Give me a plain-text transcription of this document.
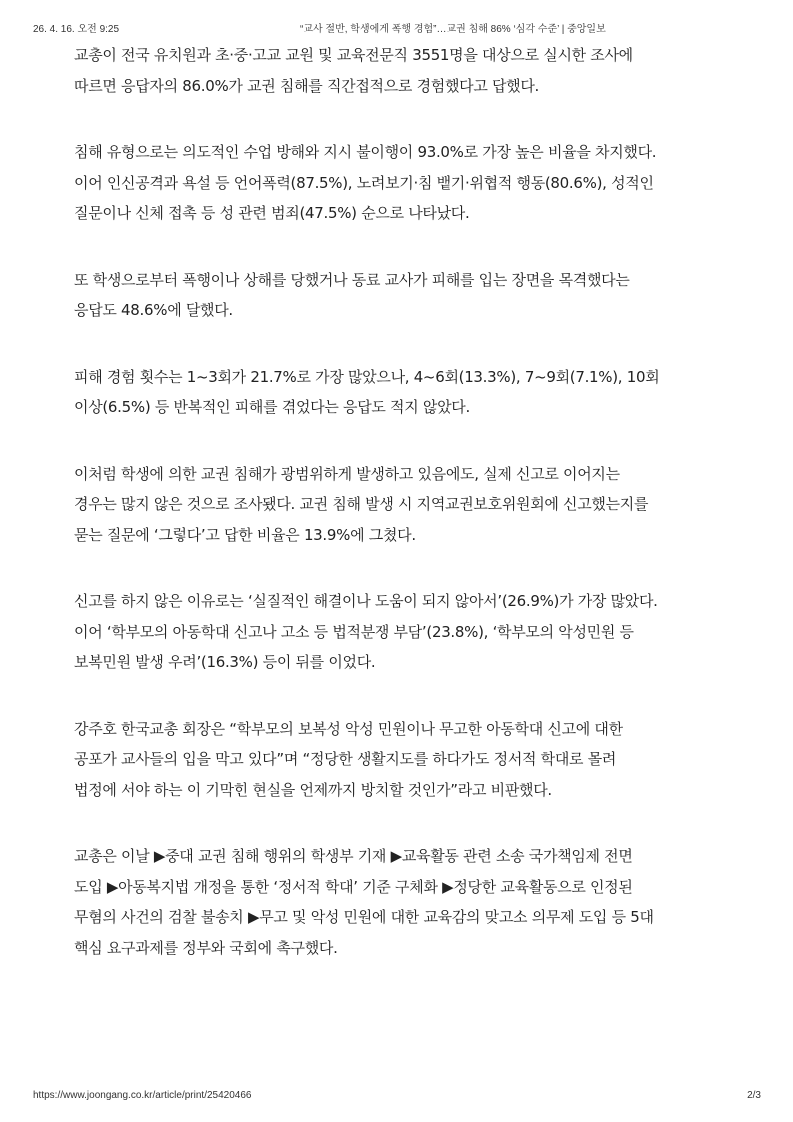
26. 4. 16. 오전 9:25	“교사 절반, 학생에게 폭행 경험”…교권 침해 86% ‘심각 수준’ | 중앙일보

교총이 전국 유치원과 초·중·고교 교원 및 교육전문직 3551명을 대상으로 실시한 조사에
따르면 응답자의 86.0%가 교권 침해를 직간접적으로 경험했다고 답했다.

침해 유형으로는 의도적인 수업 방해와 지시 불이행이 93.0%로 가장 높은 비율을 차지했다.
이어 인신공격과 욕설 등 언어폭력(87.5%), 노려보기·침 뱉기·위협적 행동(80.6%), 성적인
질문이나 신체 접촉 등 성 관련 범죄(47.5%) 순으로 나타났다.

또 학생으로부터 폭행이나 상해를 당했거나 동료 교사가 피해를 입는 장면을 목격했다는
응답도 48.6%에 달했다.

피해 경험 횟수는 1~3회가 21.7%로 가장 많았으나, 4~6회(13.3%), 7~9회(7.1%), 10회
이상(6.5%) 등 반복적인 피해를 겪었다는 응답도 적지 않았다.

이처럼 학생에 의한 교권 침해가 광범위하게 발생하고 있음에도, 실제 신고로 이어지는
경우는 많지 않은 것으로 조사됐다. 교권 침해 발생 시 지역교권보호위원회에 신고했는지를
묻는 질문에 ‘그렇다’고 답한 비율은 13.9%에 그쳤다.

신고를 하지 않은 이유로는 ‘실질적인 해결이나 도움이 되지 않아서’(26.9%)가 가장 많았다.
이어 ‘학부모의 아동학대 신고나 고소 등 법적분쟁 부담’(23.8%), ‘학부모의 악성민원 등
보복민원 발생 우려’(16.3%) 등이 뒤를 이었다.

강주호 한국교총 회장은 “학부모의 보복성 악성 민원이나 무고한 아동학대 신고에 대한
공포가 교사들의 입을 막고 있다”며 “정당한 생활지도를 하다가도 정서적 학대로 몰려
법정에 서야 하는 이 기막힌 현실을 언제까지 방치할 것인가”라고 비판했다.

교총은 이날 ▶중대 교권 침해 행위의 학생부 기재 ▶교육활동 관련 소송 국가책임제 전면
도입 ▶아동복지법 개정을 통한 ‘정서적 학대’ 기준 구체화 ▶정당한 교육활동으로 인정된
무혐의 사건의 검찰 불송치 ▶무고 및 악성 민원에 대한 교육감의 맞고소 의무제 도입 등 5대
핵심 요구과제를 정부와 국회에 촉구했다.

https://www.joongang.co.kr/article/print/25420466	2/3
